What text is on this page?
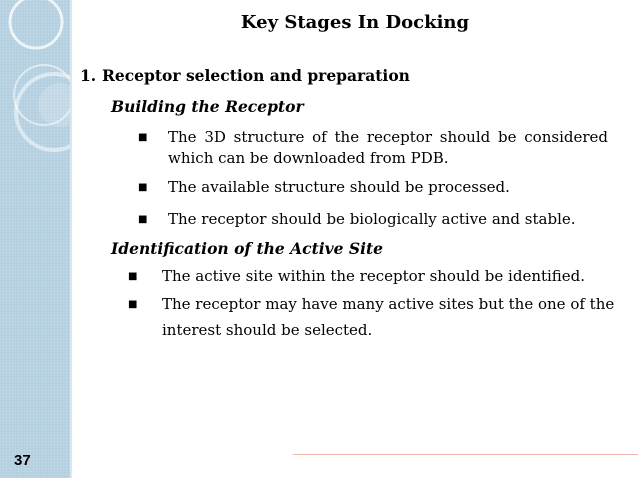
Key Stages In Docking
1. Receptor selection and preparation
Building the Receptor
■	The 3D structure of the receptor should be considered
which can be downloaded from PDB.
■	The available structure should be processed.
■	The receptor should be biologically active and stable.
Identification of the Active Site
■	The active site within the receptor should be identified.
■	The receptor may have many active sites but the one of the
interest should be selected.
37
